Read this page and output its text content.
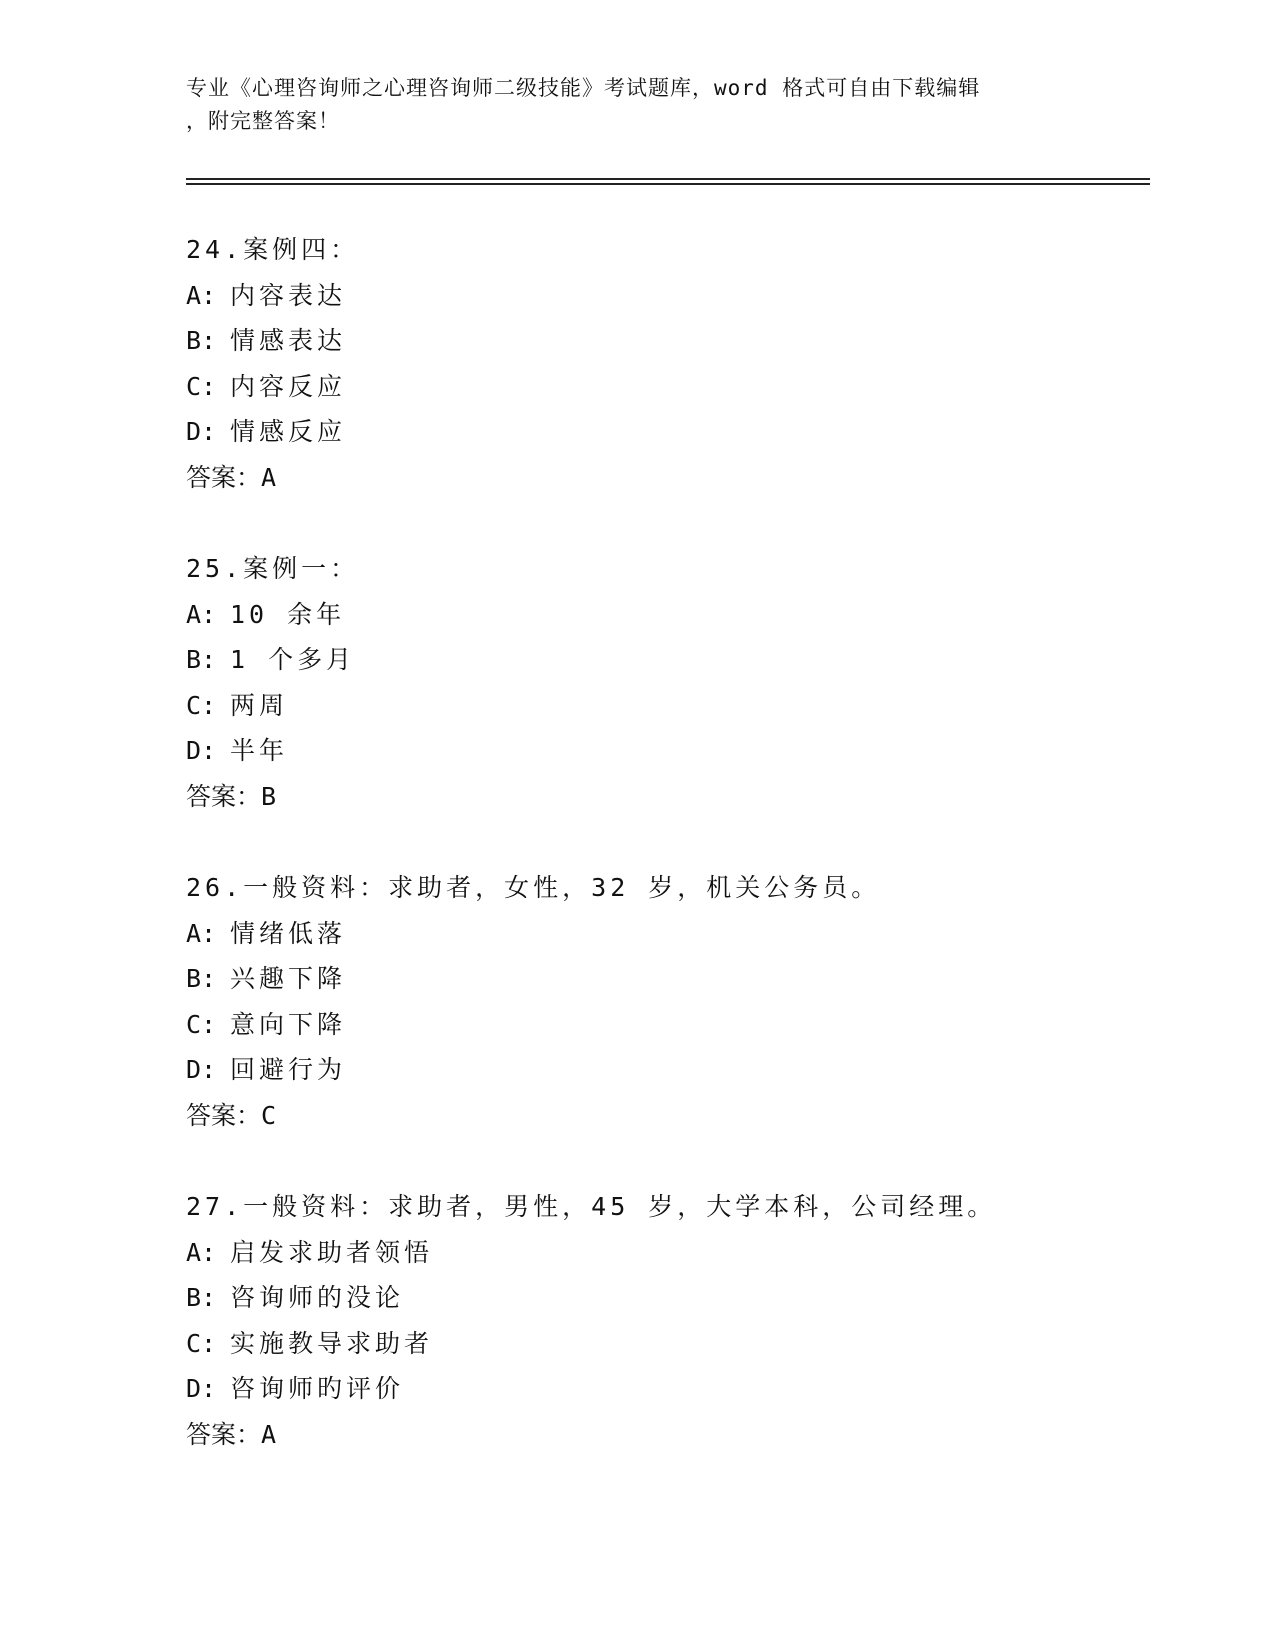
专业《心理咨询师之心理咨询师二级技能》考试题库，word 格式可自由下载编辑
，附完整答案！
24.案例四：
A: 内容表达
B: 情感表达
C: 内容反应
D: 情感反应
答案：A
25.案例一：
A: 10 余年
B: 1 个多月
C: 两周
D: 半年
答案：B
26.一般资料：求助者，女性，32 岁，机关公务员。
A: 情绪低落
B: 兴趣下降
C: 意向下降
D: 回避行为
答案：C
27.一般资料：求助者，男性，45 岁，大学本科，公司经理。
A: 启发求助者领悟
B: 咨询师的没论
C: 实施教导求助者
D: 咨询师旳评价
答案：A
